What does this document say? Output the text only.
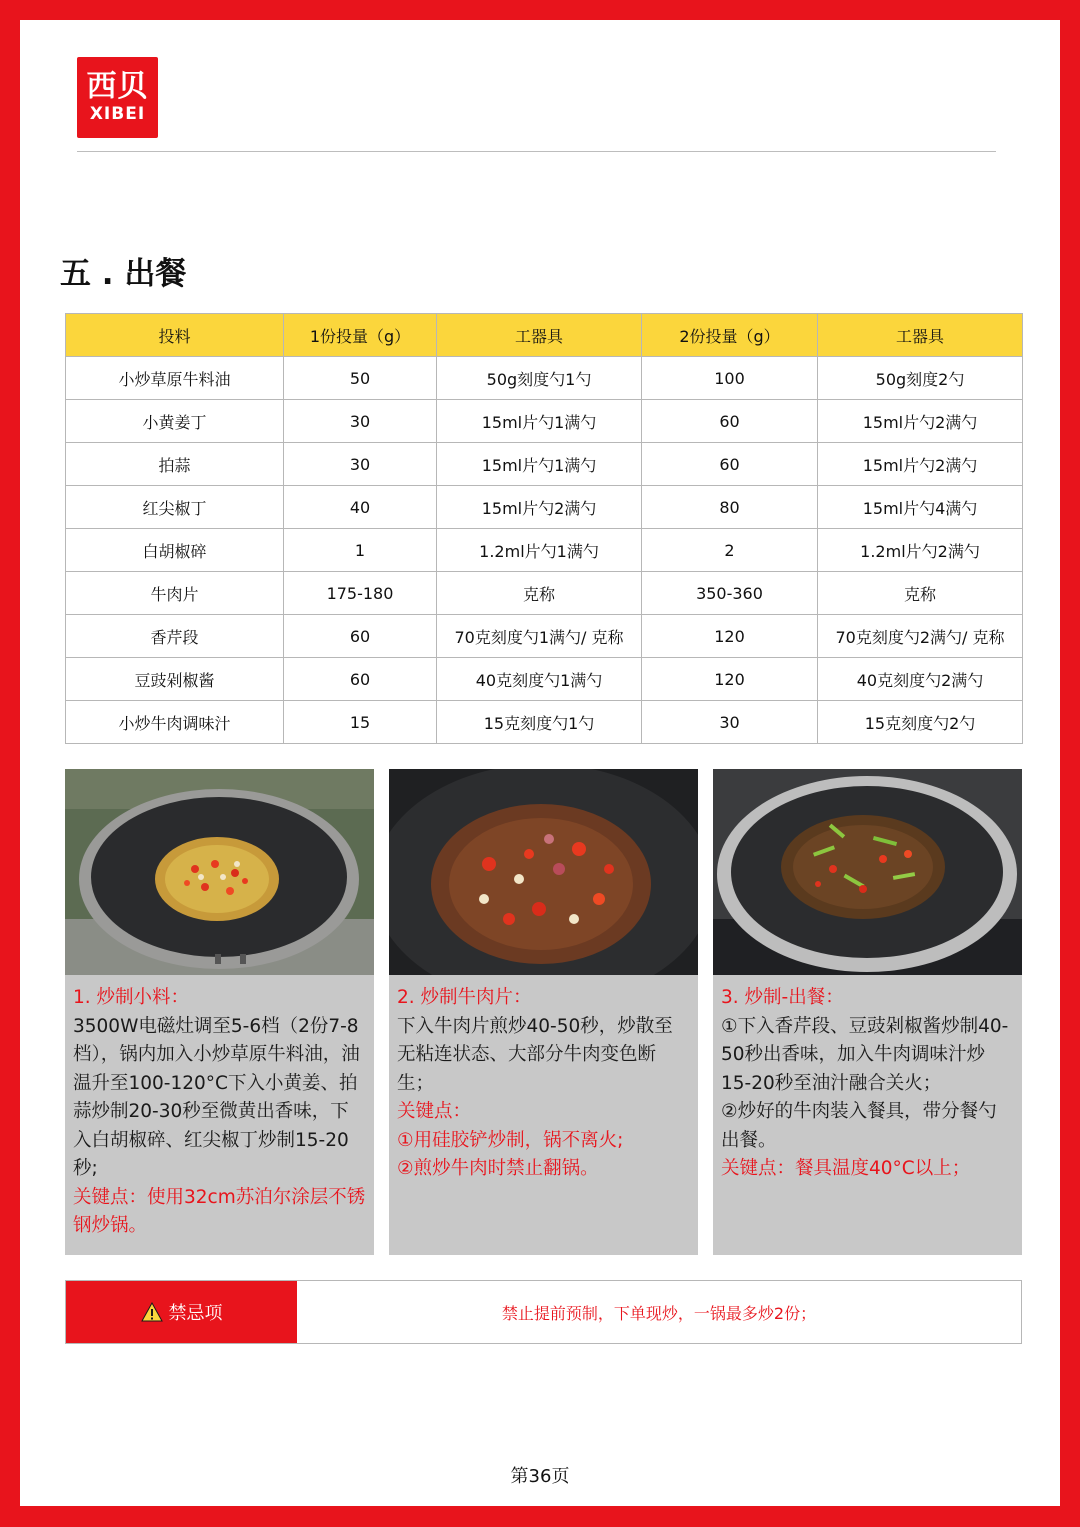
西贝
XIBEI
五 . 出餐
投料	1份投量（g）	工器具	2份投量（g）	工器具
小炒草原牛料油	50	50g刻度勺1勺	100	50g刻度2勺
小黄姜丁	30	15ml片勺1满勺	60	15ml片勺2满勺
拍蒜	30	15ml片勺1满勺	60	15ml片勺2满勺
红尖椒丁	40	15ml片勺2满勺	80	15ml片勺4满勺
白胡椒碎	1	1.2ml片勺1满勺	2	1.2ml片勺2满勺
牛肉片	175-180	克称	350-360	克称
香芹段	60	70克刻度勺1满勺/ 克称	120	70克刻度勺2满勺/ 克称
豆豉剁椒酱	60	40克刻度勺1满勺	120	40克刻度勺2满勺
小炒牛肉调味汁	15	15克刻度勺1勺	30	15克刻度勺2勺
1. 炒制小料：
3500W电磁灶调至5-6档（2份7-8档），锅内加入小炒草原牛料油，油温升至100-120°C下入小黄姜、拍蒜炒制20-30秒至微黄出香味，下入白胡椒碎、红尖椒丁炒制15-20秒;
关键点：使用32cm苏泊尔涂层不锈钢炒锅。
2. 炒制牛肉片：
下入牛肉片煎炒40-50秒，炒散至无粘连状态、大部分牛肉变色断生；
关键点：
①用硅胶铲炒制，锅不离火;
②煎炒牛肉时禁止翻锅。
3. 炒制-出餐：
①下入香芹段、豆豉剁椒酱炒制40-50秒出香味，加入牛肉调味汁炒15-20秒至油汁融合关火；
②炒好的牛肉装入餐具，带分餐勺出餐。
关键点：餐具温度40°C以上；
禁忌项	禁止提前预制，下单现炒，一锅最多炒2份；
第36页
